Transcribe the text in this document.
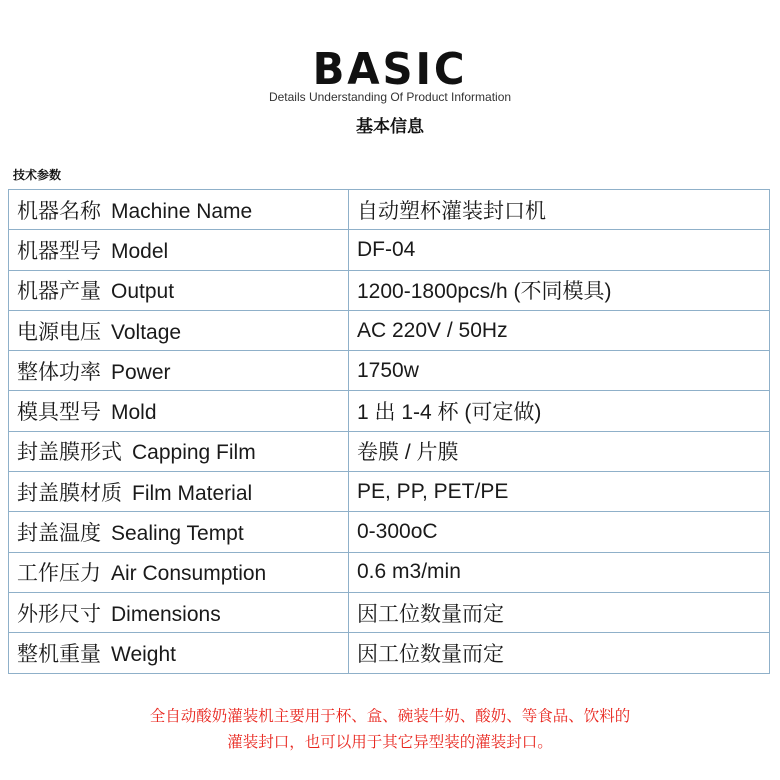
BASIC
Details Understanding Of Product Information
基本信息
技术参数
机器名称 Machine Name	自动塑杯灌装封口机
机器型号 Model	DF-04
机器产量 Output	1200-1800pcs/h (不同模具)
电源电压 Voltage	AC 220V / 50Hz
整体功率 Power	1750w
模具型号 Mold	1 出 1-4 杯 (可定做)
封盖膜形式 Capping Film	卷膜 / 片膜
封盖膜材质 Film Material	PE, PP, PET/PE
封盖温度 Sealing Tempt	0-300oC
工作压力 Air Consumption	0.6 m3/min
外形尺寸 Dimensions	因工位数量而定
整机重量 Weight	因工位数量而定
全自动酸奶灌装机主要用于杯、盒、碗装牛奶、酸奶、等食品、饮料的
灌装封口，也可以用于其它异型装的灌装封口。
